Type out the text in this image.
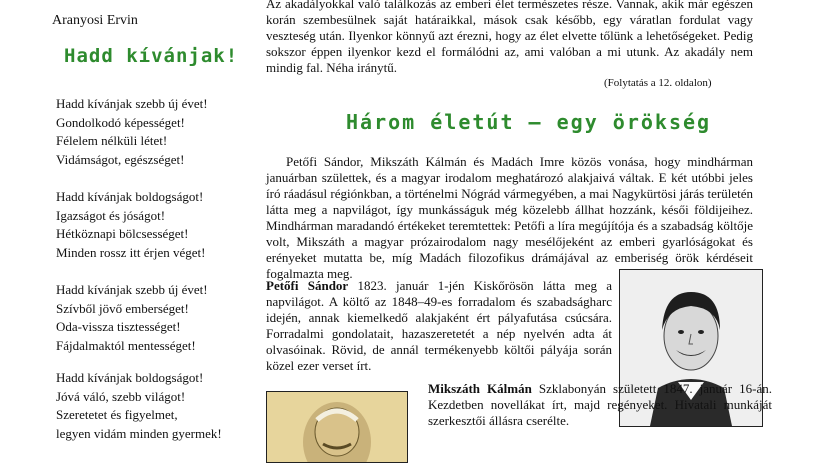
Aranyosi Ervin
Hadd kívánjak!
Hadd kívánjak szebb új évet!
Gondolkodó képességet!
Félelem nélküli létet!
Vidámságot, egészséget!
Hadd kívánjak boldogságot!
Igazságot és jóságot!
Hétköznapi bölcsességet!
Minden rossz itt érjen véget!
Hadd kívánjak szebb új évet!
Szívből jövő emberséget!
Oda-vissza tisztességet!
Fájdalmaktól mentességet!
Hadd kívánjak boldogságot!
Jóvá váló, szebb világot!
Szeretetet és figyelmet,
legyen vidám minden gyermek!
Az akadályokkal való találkozás az emberi élet természetes része. Vannak, akik már egészen korán szembesülnek saját határaikkal, mások csak később, egy váratlan fordulat vagy veszteség után. Ilyenkor könnyű azt érezni, hogy az élet elvette tőlünk a lehetőségeket. Pedig sokszor éppen ilyenkor kezd el formálódni az, ami valóban a mi utunk. Az akadály nem mindig fal. Néha iránytű.
(Folytatás a 12. oldalon)
Három életút – egy örökség
Petőfi Sándor, Mikszáth Kálmán és Madách Imre közös vonása, hogy mindhárman januárban születtek, és a magyar irodalom meghatározó alakjaivá váltak. E két utóbbi jeles író ráadásul régiónkban, a történelmi Nógrád vármegyében, a mai Nagykürtösi járás területén látta meg a napvilágot, így munkásságuk még közelebb állhat hozzánk, késői földijeihez. Mindhárman maradandó értékeket teremtettek: Petőfi a líra megújítója és a szabadság költője volt, Mikszáth a magyar prózairodalom nagy mesélőjeként az emberi gyarlóságokat és erényeket mutatta be, míg Madách filozofikus drámájával az emberiség örök kérdéseit fogalmazta meg.
Petőfi Sándor 1823. január 1-jén Kiskőrösön látta meg a napvilágot. A költő az 1848–49-es forradalom és szabadságharc idején, annak kiemelkedő alakjaként ért pályafutása csúcsára. Forradalmi gondolatait, hazaszeretetét a nép nyelvén adta át olvasóinak. Rövid, de annál termékenyebb költői pályája során közel ezer verset írt.
Mikszáth Kálmán Szklabonyán született 1847. január 16-án. Kezdetben novellákat írt, majd regényeket. Hivatali munkáját szerkesztői állásra cserélte.
